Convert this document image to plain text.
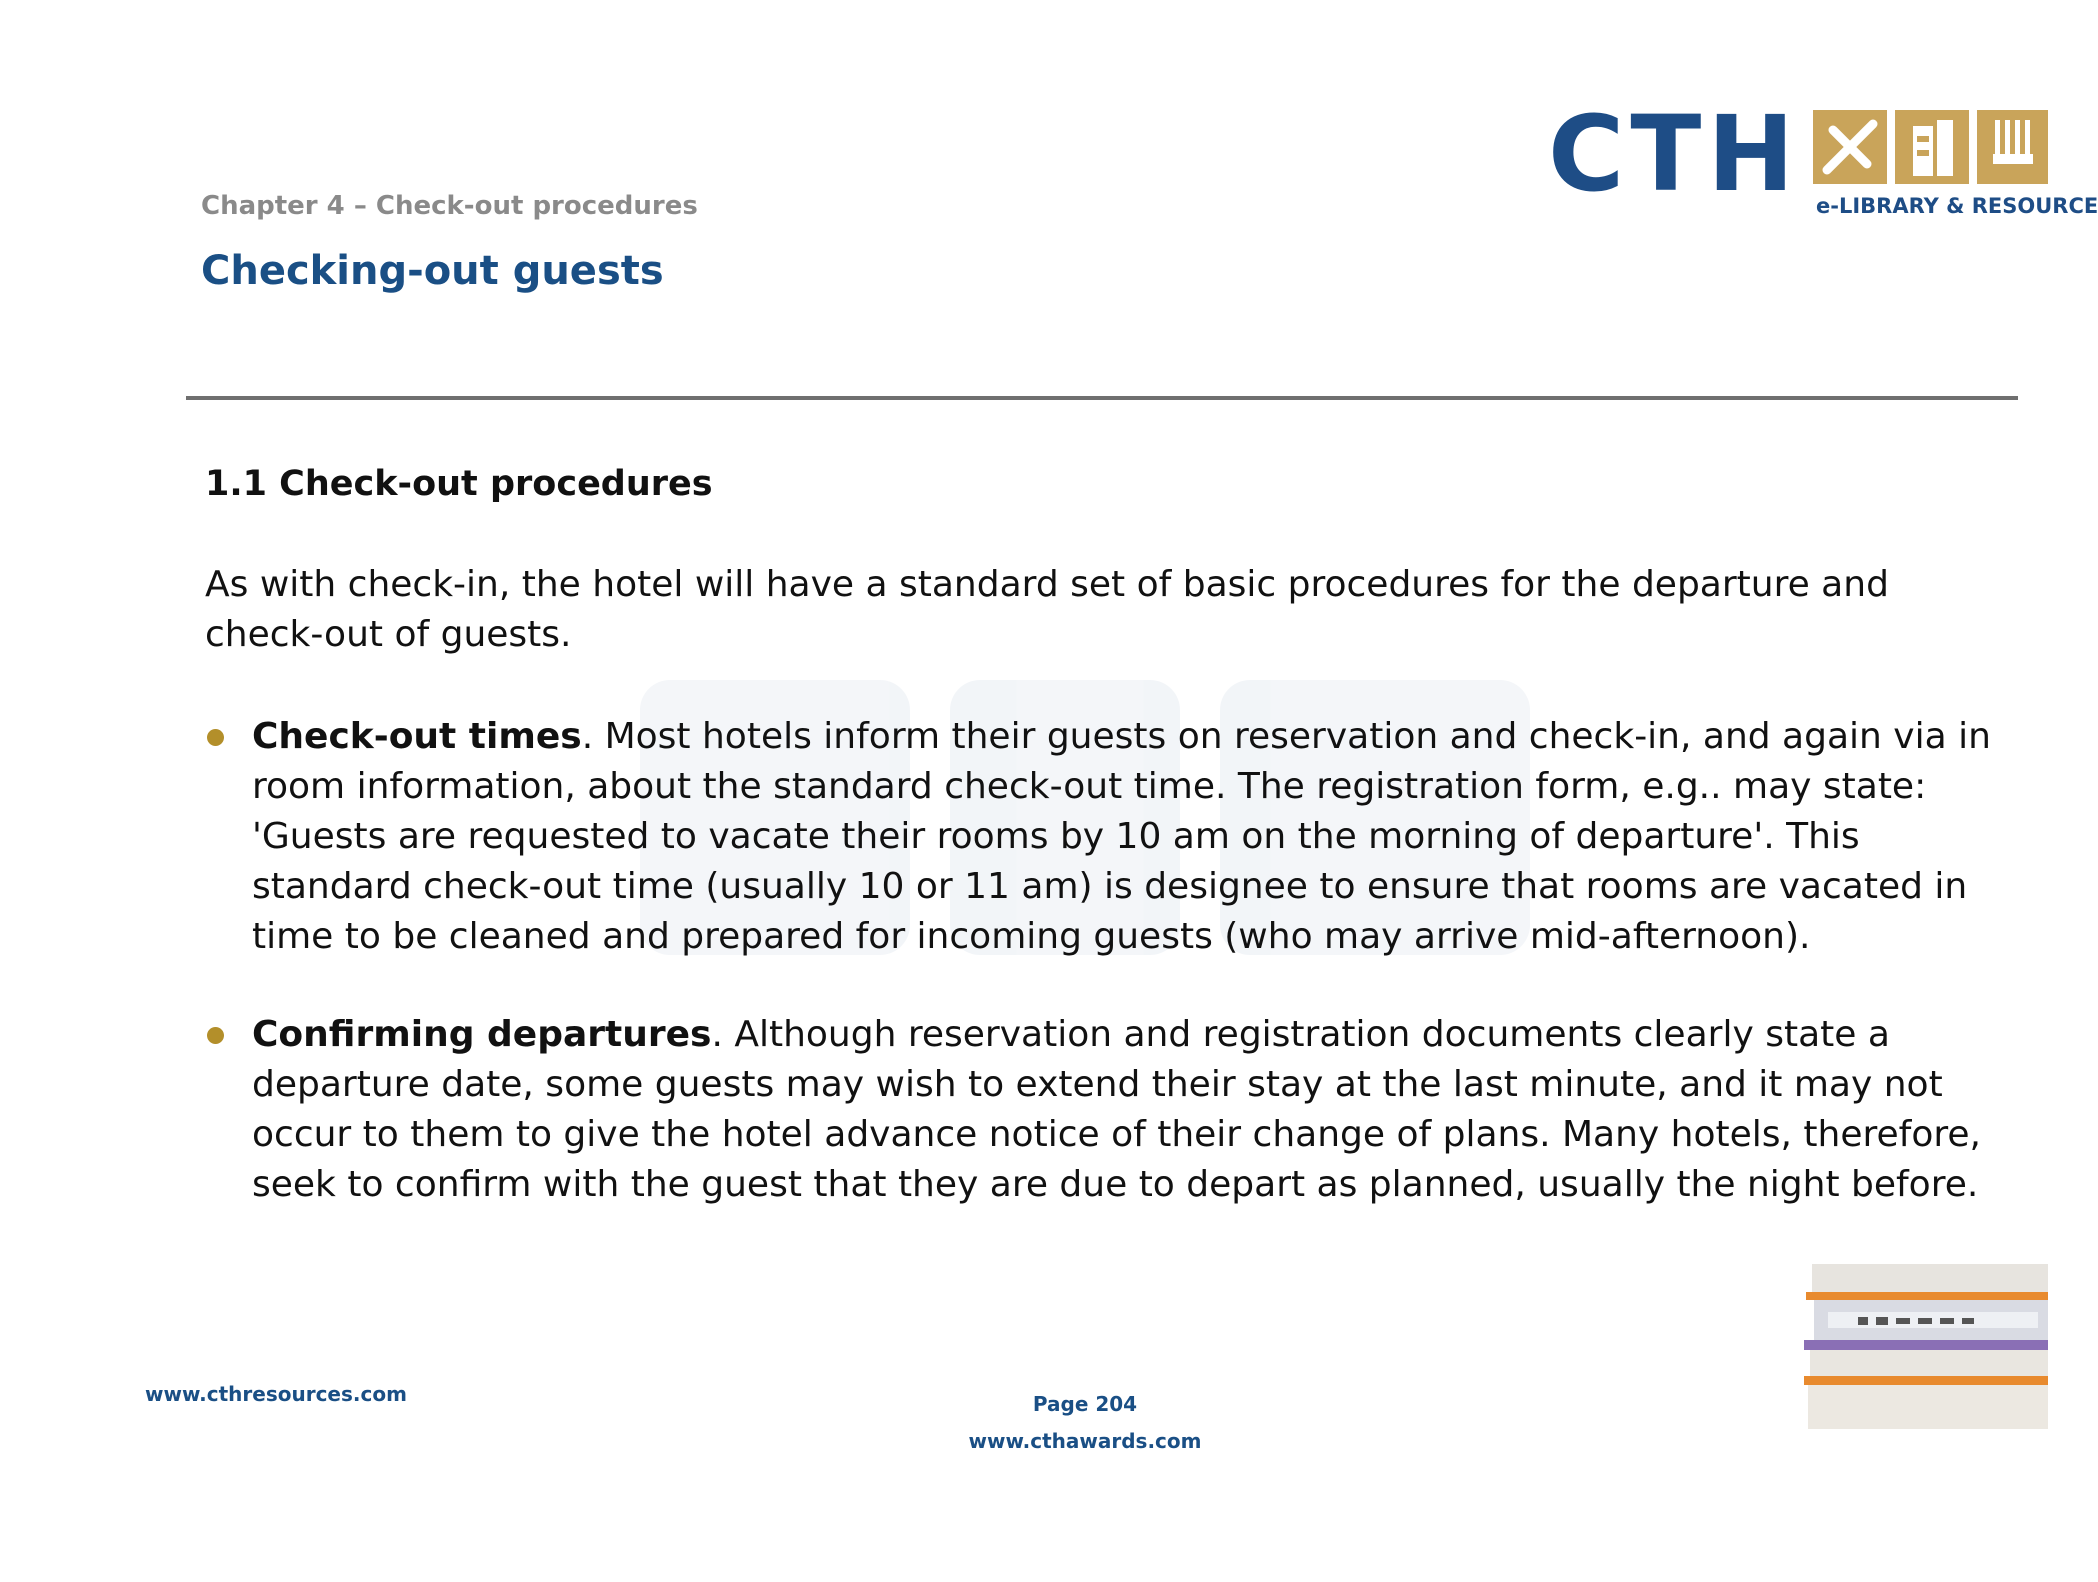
CTH e-LIBRARY & RESOURCE
Chapter 4 – Check-out procedures
Checking-out guests
1.1 Check-out procedures

As with check-in, the hotel will have a standard set of basic procedures for the departure and check-out of guests.

Check-out times. Most hotels inform their guests on reservation and check-in, and again via in room information, about the standard check-out time. The registration form, e.g.. may state: 'Guests are requested to vacate their rooms by 10 am on the morning of departure'. This standard check-out time (usually 10 or 11 am) is designee to ensure that rooms are vacated in time to be cleaned and prepared for incoming guests (who may arrive mid-afternoon).
Confirming departures. Although reservation and registration documents clearly state a departure date, some guests may wish to extend their stay at the last minute, and it may not occur to them to give the hotel advance notice of their change of plans. Many hotels, therefore, seek to confirm with the guest that they are due to depart as planned, usually the night before.
www.cthresources.com	Page 204
www.cthawards.com
